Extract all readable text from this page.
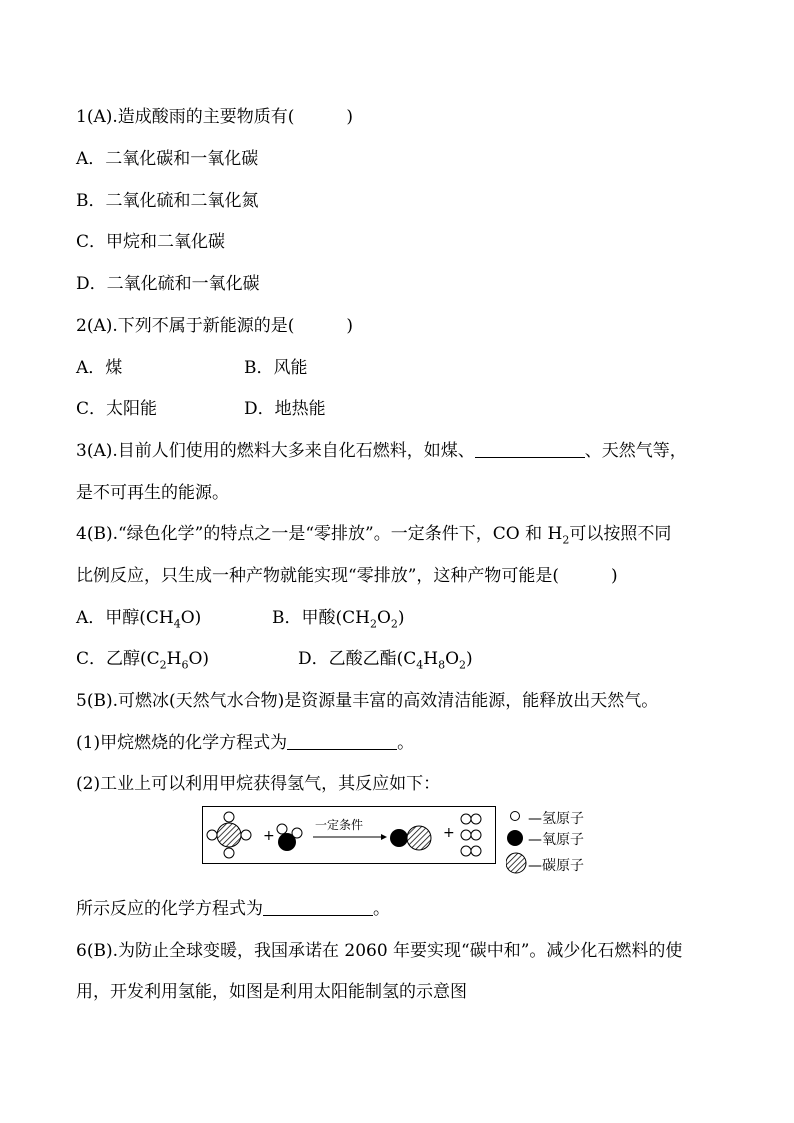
1(A).造成酸雨的主要物质有(	)
A．二氧化碳和一氧化碳
B．二氧化硫和二氧化氮
C．甲烷和二氧化碳
D．二氧化硫和一氧化碳
2(A).下列不属于新能源的是(	)
A．煤	B．风能
C．太阳能	D．地热能
3(A).目前人们使用的燃料大多来自化石燃料，如煤、	、天然气等，
是不可再生的能源。
4(B).“绿色化学”的特点之一是“零排放”。一定条件下，CO 和 $H_2$可以按照不同
比例反应，只生成一种产物就能实现“零排放”，这种产物可能是(	)
A．甲醇$(CH_4O)$	B．甲酸$(CH_2O_2)$
C．乙醇$(C_2H_6O)$	D．乙酸乙酯$(C_4H_8O_2)$
5(B).可燃冰(天然气水合物)是资源量丰富的高效清洁能源，能释放出天然气。
(1)甲烷燃烧的化学方程式为	。
(2)工业上可以利用甲烷获得氢气，其反应如下：
+
一定条件	+
—氢原子
—氧原子
—碳原子
所示反应的化学方程式为	。
6(B).为防止全球变暖，我国承诺在 2060 年要实现“碳中和”。减少化石燃料的使
用，开发利用氢能，如图是利用太阳能制氢的示意图
